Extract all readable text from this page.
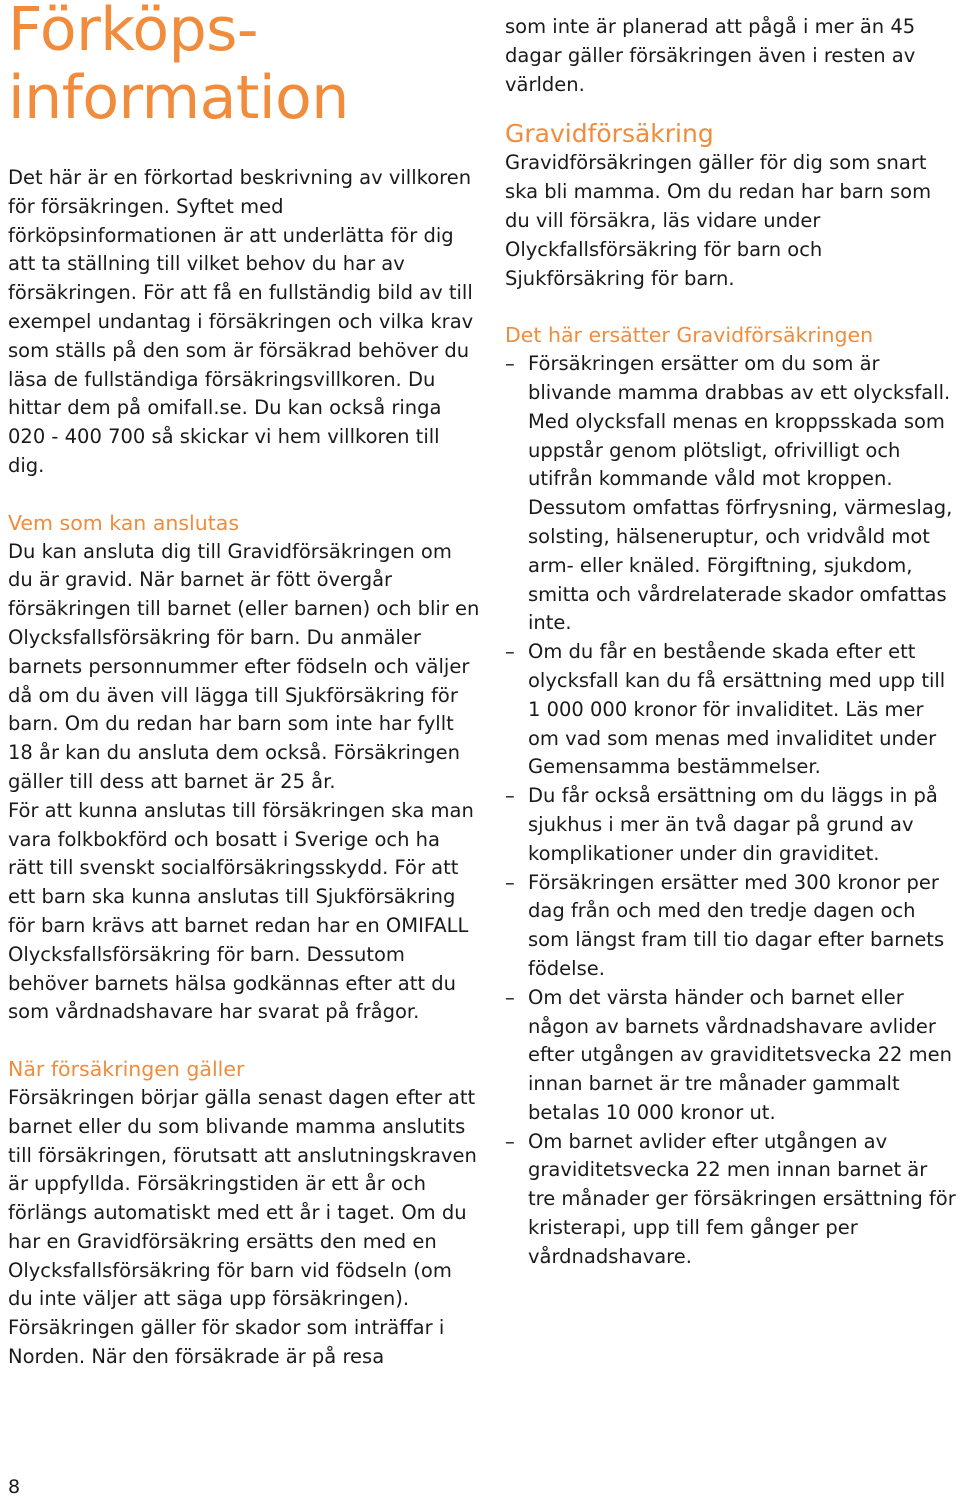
Förköps-information

Det här är en förkortad beskrivning av villkoren för försäkringen. Syftet med förköpsinformationen är att underlätta för dig att ta ställning till vilket behov du har av försäkringen. För att få en fullständig bild av till exempel undantag i försäkringen och vilka krav som ställs på den som är försäkrad behöver du läsa de fullständiga försäkringsvillkoren. Du hittar dem på omifall.se. Du kan också ringa 020 - 400 700 så skickar vi hem villkoren till dig.

Vem som kan anslutas

Du kan ansluta dig till Gravidförsäkringen om du är gravid. När barnet är fött övergår försäkringen till barnet (eller barnen) och blir en Olycksfallsförsäkring för barn. Du anmäler barnets personnummer efter födseln och väljer då om du även vill lägga till Sjukförsäkring för barn. Om du redan har barn som inte har fyllt 18 år kan du ansluta dem också. Försäkringen gäller till dess att barnet är 25 år.

För att kunna anslutas till försäkringen ska man vara folkbokförd och bosatt i Sverige och ha rätt till svenskt socialförsäkringsskydd. För att ett barn ska kunna anslutas till Sjukförsäkring för barn krävs att barnet redan har en OMIFALL Olycksfallsförsäkring för barn. Dessutom behöver barnets hälsa godkännas efter att du som vårdnadshavare har svarat på frågor.

När försäkringen gäller

Försäkringen börjar gälla senast dagen efter att barnet eller du som blivande mamma anslutits till försäkringen, förutsatt att anslutningskraven är uppfyllda. Försäkringstiden är ett år och förlängs automatiskt med ett år i taget. Om du har en Gravidförsäkring ersätts den med en Olycksfallsförsäkring för barn vid födseln (om du inte väljer att säga upp försäkringen).

Försäkringen gäller för skador som inträffar i Norden. När den försäkrade är på resa

som inte är planerad att pågå i mer än 45 dagar gäller försäkringen även i resten av världen.

Gravidförsäkring

Gravidförsäkringen gäller för dig som snart ska bli mamma. Om du redan har barn som du vill försäkra, läs vidare under Olyckfallsförsäkring för barn och Sjukförsäkring för barn.

Det här ersätter Gravidförsäkringen
– Försäkringen ersätter om du som är blivande mamma drabbas av ett olycksfall. Med olycksfall menas en kroppsskada som uppstår genom plötsligt, ofrivilligt och utifrån kommande våld mot kroppen. Dessutom omfattas förfrysning, värmeslag, solsting, hälseneruptur, och vridvåld mot arm- eller knäled. Förgiftning, sjukdom, smitta och vårdrelaterade skador omfattas inte.
– Om du får en bestående skada efter ett olycksfall kan du få ersättning med upp till 1 000 000 kronor för invaliditet. Läs mer om vad som menas med invaliditet under Gemensamma bestämmelser.
– Du får också ersättning om du läggs in på sjukhus i mer än två dagar på grund av komplikationer under din graviditet.
– Försäkringen ersätter med 300 kronor per dag från och med den tredje dagen och som längst fram till tio dagar efter barnets födelse.
– Om det värsta händer och barnet eller någon av barnets vårdnadshavare avlider efter utgången av graviditetsvecka 22 men innan barnet är tre månader gammalt betalas 10 000 kronor ut.
– Om barnet avlider efter utgången av graviditetsvecka 22 men innan barnet är tre månader ger försäkringen ersättning för kristerapi, upp till fem gånger per vårdnadshavare.
8
